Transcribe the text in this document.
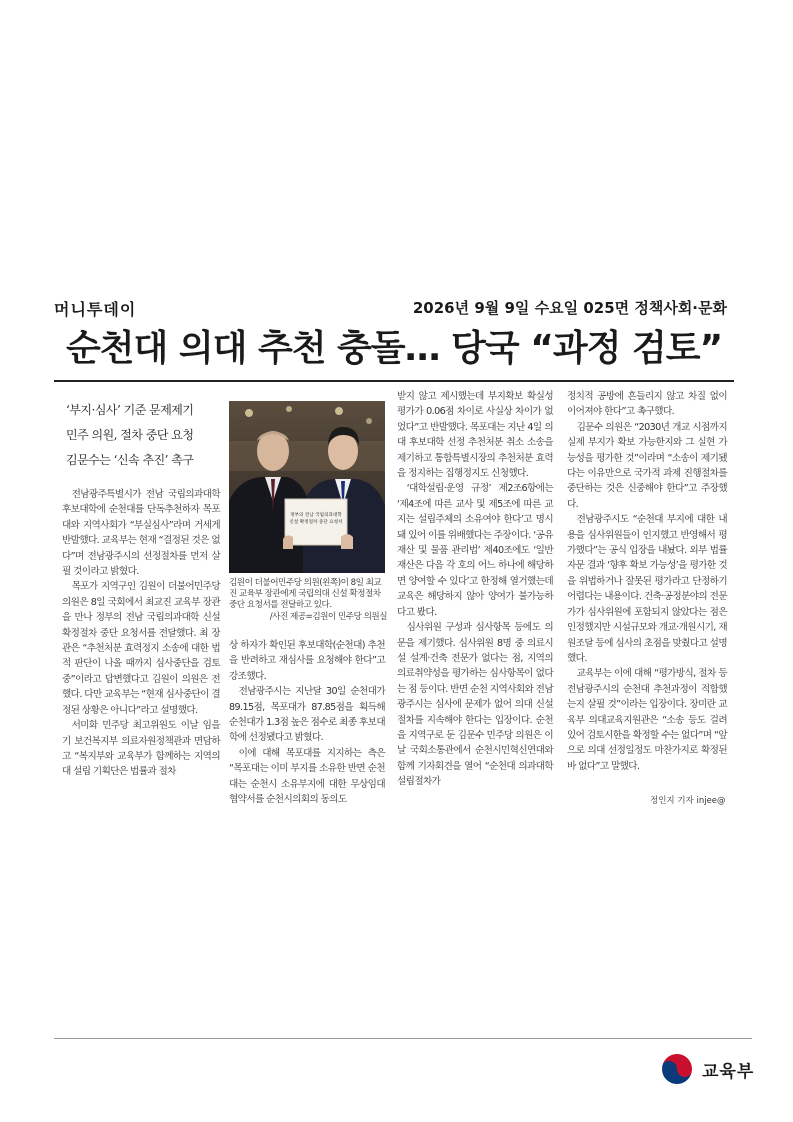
머니투데이	2026년 9월 9일 수요일 025면 정책사회·문화
순천대 의대 추천 충돌… 당국 “과정 검토”
‘부지·심사’ 기준 문제제기
민주 의원, 절차 중단 요청
김문수는 ‘신속 추진’ 촉구

전남광주특별시가 전남 국립의과대학 후보대학에 순천대를 단독추천하자 목포대와 지역사회가 “부실심사”라며 거세게 반발했다. 교육부는 현재 “결정된 것은 없다”며 전남광주시의 선정절차를 먼저 살필 것이라고 밝혔다.

목포가 지역구인 김원이 더불어민주당 의원은 8일 국회에서 최교진 교육부 장관을 만나 정부의 전남 국립의과대학 신설 확정절차 중단 요청서를 전달했다. 최 장관은 “추천처분 효력정지 소송에 대한 법적 판단이 나올 때까지 심사중단을 검토 중”이라고 답변했다고 김원이 의원은 전했다. 다만 교육부는 “현재 심사중단이 결정된 상황은 아니다”라고 설명했다.

서미화 민주당 최고위원도 이날 임을기 보건복지부 의료자원정책관과 면담하고 “복지부와 교육부가 함께하는 지역의대 설립 기획단은 법률과 절차

정부의 전남 국립의과대학
신설 확정절차 중단 요청서
김원이 더불어민주당 의원(왼쪽)이 8일 최교진 교육부 장관에게 국립의대 신설 확정절차 중단 요청서를 전달하고 있다.
/사진 제공=김원이 민주당 의원실

상 하자가 확인된 후보대학(순천대) 추천을 반려하고 재심사를 요청해야 한다”고 강조했다.

전남광주시는 지난달 30일 순천대가 89.15점, 목포대가 87.85점을 획득해 순천대가 1.3점 높은 점수로 최종 후보대학에 선정됐다고 밝혔다.

이에 대해 목포대를 지지하는 측은 “목포대는 이미 부지를 소유한 반면 순천대는 순천시 소유부지에 대한 무상임대 협약서를 순천시의회의 동의도

받지 않고 제시했는데 부지확보 확실성 평가가 0.06점 차이로 사실상 차이가 없었다”고 반발했다. 목포대는 지난 4일 의대 후보대학 선정 추천처분 취소 소송을 제기하고 통합특별시장의 추천처분 효력을 정지하는 집행정지도 신청했다.

‘대학설립·운영 규정’ 제2조6항에는 ‘제4조에 따른 교사 및 제5조에 따른 교지는 설립주체의 소유여야 한다’고 명시돼 있어 이를 위배했다는 주장이다. ‘공유재산 및 물품 관리법’ 제40조에도 ‘일반재산은 다음 각 호의 어느 하나에 해당하면 양여할 수 있다’고 한정해 열거했는데 교육은 해당하지 않아 양여가 불가능하다고 봤다.

심사위원 구성과 심사항목 등에도 의문을 제기했다. 심사위원 8명 중 의료시설 설계·건축 전문가 없다는 점, 지역의 의료취약성을 평가하는 심사항목이 없다는 점 등이다. 반면 순천 지역사회와 전남광주시는 심사에 문제가 없어 의대 신설절차를 지속해야 한다는 입장이다. 순천을 지역구로 둔 김문수 민주당 의원은 이날 국회소통관에서 순천시민혁신연대와 함께 기자회견을 열어 “순천대 의과대학 설립절차가

정치적 공방에 흔들리지 않고 차질 없이 이어져야 한다”고 촉구했다.

김문수 의원은 “2030년 개교 시점까지 실제 부지가 확보 가능한지와 그 실현 가능성을 평가한 것”이라며 “소송이 제기됐다는 이유만으로 국가적 과제 진행절차를 중단하는 것은 신중해야 한다”고 주장했다.

전남광주시도 “순천대 부지에 대한 내용을 심사위원들이 인지했고 반영해서 평가했다”는 공식 입장을 내놨다. 외부 법률자문 결과 ‘향후 확보 가능성’을 평가한 것을 위법하거나 잘못된 평가라고 단정하기 어렵다는 내용이다. 건축·공정분야의 전문가가 심사위원에 포함되지 않았다는 점은 인정했지만 시설규모와 개교·개원시기, 재원조달 등에 심사의 초점을 맞췄다고 설명했다.

교육부는 이에 대해 “평가방식, 절차 등 전남광주시의 순천대 추천과정이 적합했는지 살필 것”이라는 입장이다. 장미란 교육부 의대교육지원관은 “소송 등도 걸려 있어 검토시한을 확정할 수는 없다”며 “앞으로 의대 선정일정도 마찬가지로 확정된 바 없다”고 말했다.

정인지 기자 injee@
교육부
